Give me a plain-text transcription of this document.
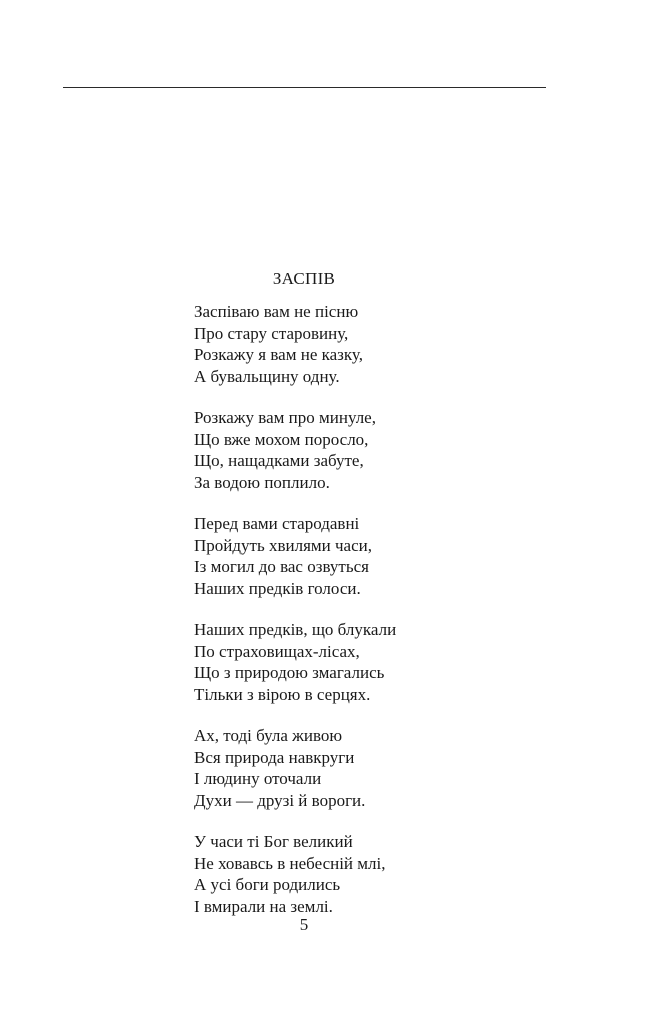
ЗАСПІВ
Заспіваю вам не пісню
Про стару старовину,
Розкажу я вам не казку,
А бувальщину одну.
Розкажу вам про минуле,
Що вже мохом поросло,
Що, нащадками забуте,
За водою поплило.
Перед вами стародавні
Пройдуть хвилями часи,
Із могил до вас озвуться
Наших предків голоси.
Наших предків, що блукали
По страховищах-лісах,
Що з природою змагались
Тільки з вірою в серцях.
Ах, тоді була живою
Вся природа навкруги
І людину оточали
Духи — друзі й вороги.
У часи ті Бог великий
Не ховавсь в небесній млі,
А усі боги родились
І вмирали на землі.
5
